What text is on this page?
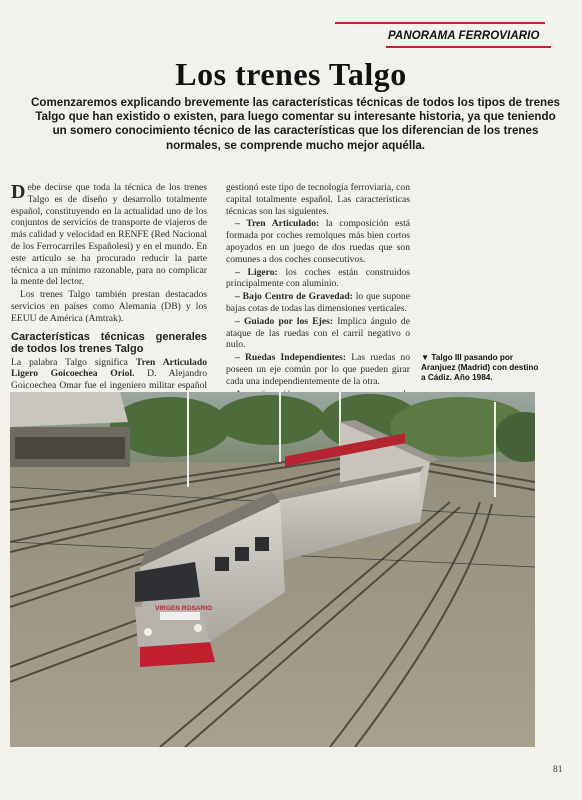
PANORAMA FERROVIARIO
Los trenes Talgo

Comenzaremos explicando brevemente las características técnicas de todos los tipos de trenes Talgo que han existido o existen, para luego comentar su interesante historia, ya que teniendo un somero conocimiento técnico de las características que los diferencian de los trenes normales, se comprende mucho mejor aquélla.

Debe decirse que toda la técnica de los trenes Talgo es de diseño y desarrollo totalmente español, constituyendo en la actualidad uno de los conjuntos de servicios de transporte de viajeros de más calidad y velocidad en RENFE (Red Nacional de los Ferrocarriles Españolesi) y en el mundo. En este artículo se ha procurado reducir la parte técnica a un mínimo razonable, para no complicar la mente del lector.

Los trenes Talgo también prestan destacados servicios en países como Alemania (DB) y los EEUU de América (Amtrak).

Características técnicas generales de todos los trenes Talgo

La palabra Talgo significa Tren Articulado Ligero Goicoechea Oriol. D. Alejandro Goicoechea Omar fue el ingeniero militar español

gestionó este tipo de tecnología ferroviaria, con capital totalmente español. Las características técnicas son las siguientes.

– Tren Articulado: la composición está formada por coches remolques más bien cortos apoyados en un juego de dos ruedas que son comunes a dos coches consecutivos.

– Ligero: los coches están construidos principalmente con aluminio.

– Bajo Centro de Gravedad: lo que supone bajas cotas de todas las dimensiones verticales.

– Guiado por los Ejes: Implica ángulo de ataque de las ruedas con el carril negativo o nulo.

– Ruedas Independientes: Las ruedas no poseen un eje común por lo que pueden girar cada una independientemente de la otra.

▼ Talgo III pasando por Aranjuez (Madrid) con destino a Cádiz. Año 1984.
VIRGEN ROSARIO
81
